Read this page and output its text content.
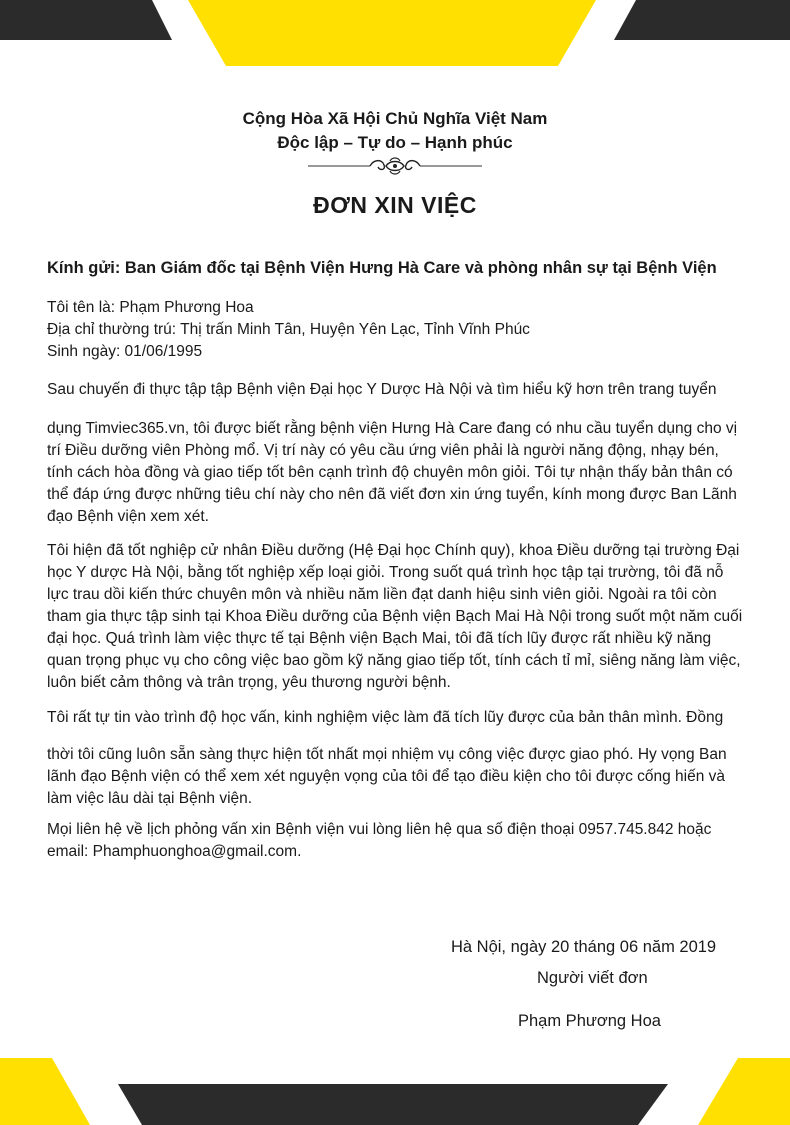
Cộng Hòa Xã Hội Chủ Nghĩa Việt Nam
Độc lập – Tự do – Hạnh phúc
ĐƠN XIN VIỆC
Kính gửi: Ban Giám đốc tại Bệnh Viện Hưng Hà Care và phòng nhân sự tại Bệnh Viện

Tôi tên là: Phạm Phương Hoa

Địa chỉ thường trú: Thị trấn Minh Tân, Huyện Yên Lạc, Tỉnh Vĩnh Phúc

Sinh ngày: 01/06/1995

Sau chuyến đi thực tập tập Bệnh viện Đại học Y Dược Hà Nội và tìm hiểu kỹ hơn trên trang tuyển

dụng Timviec365.vn, tôi được biết rằng bệnh viện Hưng Hà Care đang có nhu cầu tuyển dụng cho vị trí Điều dưỡng viên Phòng mổ. Vị trí này có yêu cầu ứng viên phải là người năng động, nhạy bén, tính cách hòa đồng và giao tiếp tốt bên cạnh trình độ chuyên môn giỏi. Tôi tự nhận thấy bản thân có thể đáp ứng được những tiêu chí này cho nên đã viết đơn xin ứng tuyển, kính mong được Ban Lãnh đạo Bệnh viện xem xét.

Tôi hiện đã tốt nghiệp cử nhân Điều dưỡng (Hệ Đại học Chính quy), khoa Điều dưỡng tại trường Đại học Y dược Hà Nội, bằng tốt nghiệp xếp loại giỏi. Trong suốt quá trình học tập tại trường, tôi đã nỗ lực trau dồi kiến thức chuyên môn và nhiều năm liền đạt danh hiệu sinh viên giỏi. Ngoài ra tôi còn tham gia thực tập sinh tại Khoa Điều dưỡng của Bệnh viện Bạch Mai Hà Nội trong suốt một năm cuối đại học. Quá trình làm việc thực tế tại Bệnh viện Bạch Mai, tôi đã tích lũy được rất nhiều kỹ năng quan trọng phục vụ cho công việc bao gồm kỹ năng giao tiếp tốt, tính cách tỉ mỉ, siêng năng làm việc, luôn biết cảm thông và trân trọng, yêu thương người bệnh.

Tôi rất tự tin vào trình độ học vấn, kinh nghiệm việc làm đã tích lũy được của bản thân mình. Đồng

thời tôi cũng luôn sẵn sàng thực hiện tốt nhất mọi nhiệm vụ công việc được giao phó. Hy vọng Ban lãnh đạo Bệnh viện có thể xem xét nguyện vọng của tôi để tạo điều kiện cho tôi được cống hiến và làm việc lâu dài tại Bệnh viện.

Mọi liên hệ về lịch phỏng vấn xin Bệnh viện vui lòng liên hệ qua số điện thoại 0957.745.842 hoặc email: Phamphuonghoa@gmail.com.

Hà Nội, ngày 20 tháng 06 năm 2019
Người viết đơn
Phạm Phương Hoa
